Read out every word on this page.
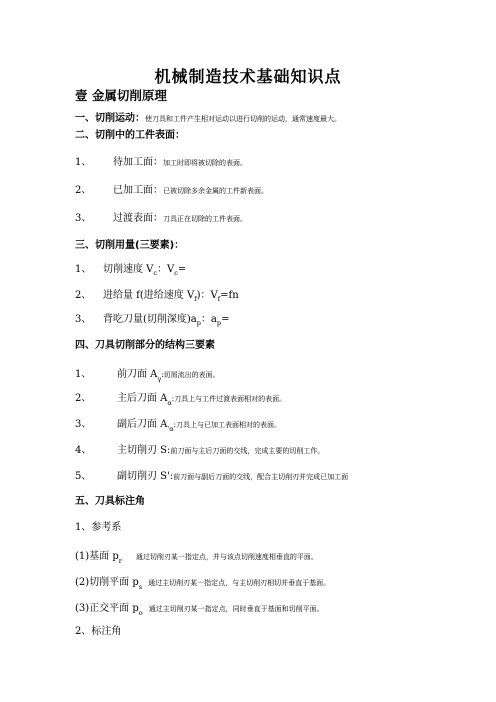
机械制造技术基础知识点
壹 金属切削原理
一、切削运动：使刀具和工件产生相对运动以进行切削的运动，通常速度最大。
二、切削中的工件表面：
1、 待加工面：加工时即将被切除的表面。
2、 已加工面：已被切除多余金属的工件新表面。
3、 过渡表面：刀具正在切除的工件表面。
三、切削用量(三要素)：
1、 切削速度 $V_c$：$V_c=$
2、 进给量 f(进给速度 $V_f$)：$V_f=fn$
3、 背吃刀量(切削深度)$a_p$：$a_p=$
四、刀具切削部分的结构三要素
1、	前刀面 $A_\gamma$:切屑流出的表面。
2、	主后刀面 $A_\alpha$:刀具上与工件过渡表面相对的表面。
3、	副后刀面 $A_{'\alpha}$:刀具上与已加工表面相对的表面。
4、	主切削刃 S:前刀面与主后刀面的交线，完成主要的切削工作。
5、	副切削刃 S':前刀面与副后刀面的交线，配合主切削刃并完成已加工面
五、刀具标注角
1、参考系
(1)基面 $p_r$通过切削刃某一指定点，并与该点切削速度相垂直的平面。
(2)切削平面 $p_s$通过主切削刃某一指定点，与主切削刃相切并垂直于基面。
(3)正交平面 $p_o$通过主切削刃某一指定点，同时垂直于基面和切削平面。
2、标注角
